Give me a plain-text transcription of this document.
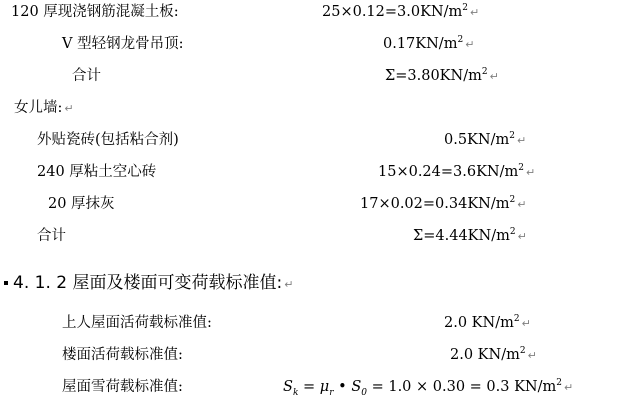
120 厚现浇钢筋混凝土板:	$25\times 0.12=3.0KN/m^2$ ↵
V 型轻钢龙骨吊顶:	$0.17KN/m^2$ ↵
合计	$\Sigma=3.80KN/m^2$ ↵
女儿墙: ↵
外贴瓷砖(包括粘合剂)	$0.5KN/m^2$ ↵
240 厚粘土空心砖	$15\times 0.24=3.6KN/m^2$ ↵
20 厚抹灰	$17\times 0.02=0.34KN/m^2$ ↵
合计	$\Sigma=4.44KN/m^2$ ↵
4. 1. 2 屋面及楼面可变荷载标准值: ↵
上人屋面活荷载标准值:	2.0 $KN/m^2$ ↵
楼面活荷载标准值:	2.0 $KN/m^2$ ↵
屋面雪荷载标准值:	$S_k = \mu_r$ • $S_0 = 1.0 \times 0.30 = 0.3$ $KN/m^2$ ↵
